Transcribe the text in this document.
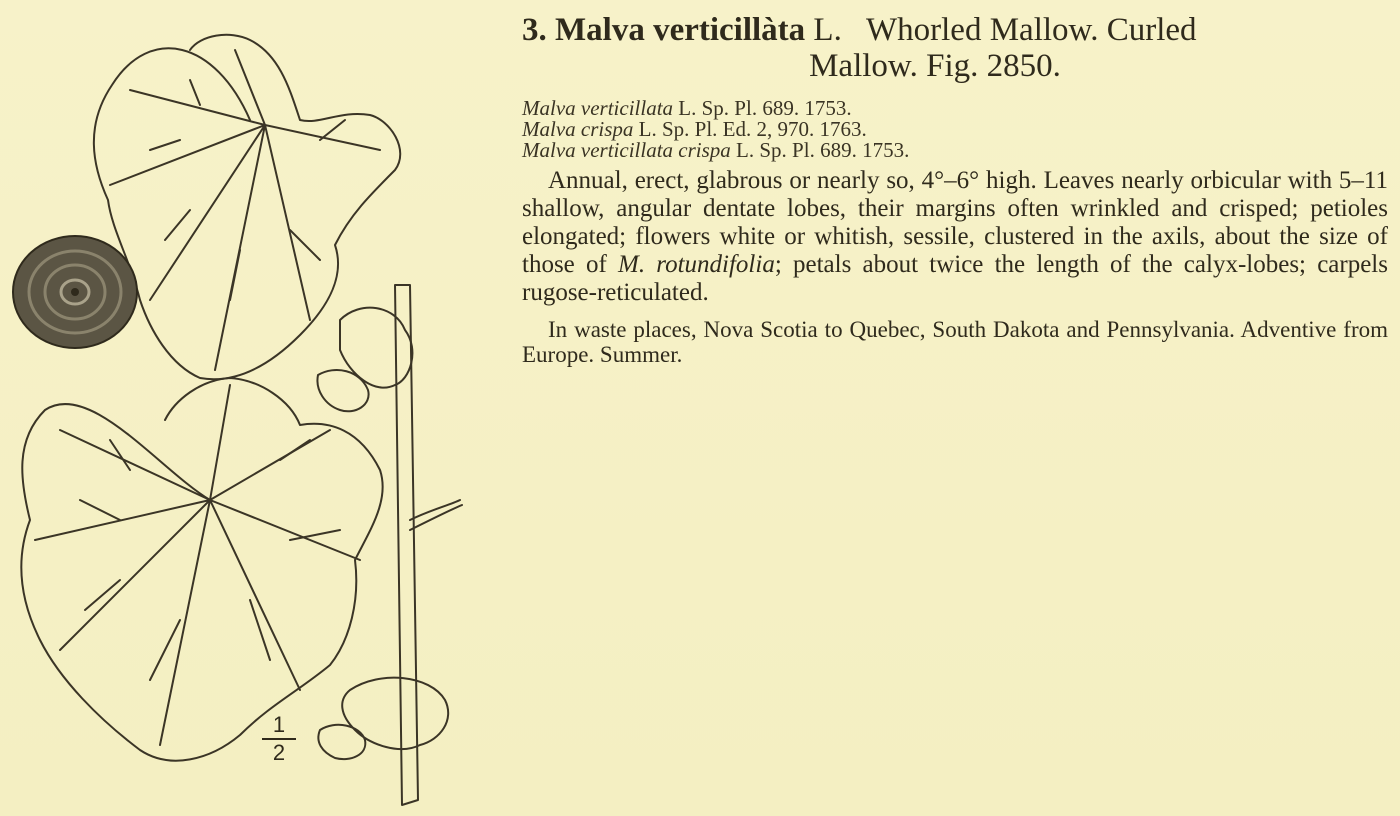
1
2

3. Malva verticillàta L. Whorled Mallow. Curled
Mallow. Fig. 2850.

Malva verticillata L. Sp. Pl. 689. 1753.

Malva crispa L. Sp. Pl. Ed. 2, 970. 1763.

Malva verticillata crispa L. Sp. Pl. 689. 1753.

Annual, erect, glabrous or nearly so, 4°–6° high. Leaves nearly orbicular with 5–11 shallow, angular dentate lobes, their margins often wrinkled and crisped; petioles elongated; flowers white or whitish, sessile, clustered in the axils, about the size of those of M. rotundifolia; petals about twice the length of the calyx-lobes; carpels rugose-reticulated.

In waste places, Nova Scotia to Quebec, South Dakota and Pennsylvania. Adventive from Europe. Summer.
